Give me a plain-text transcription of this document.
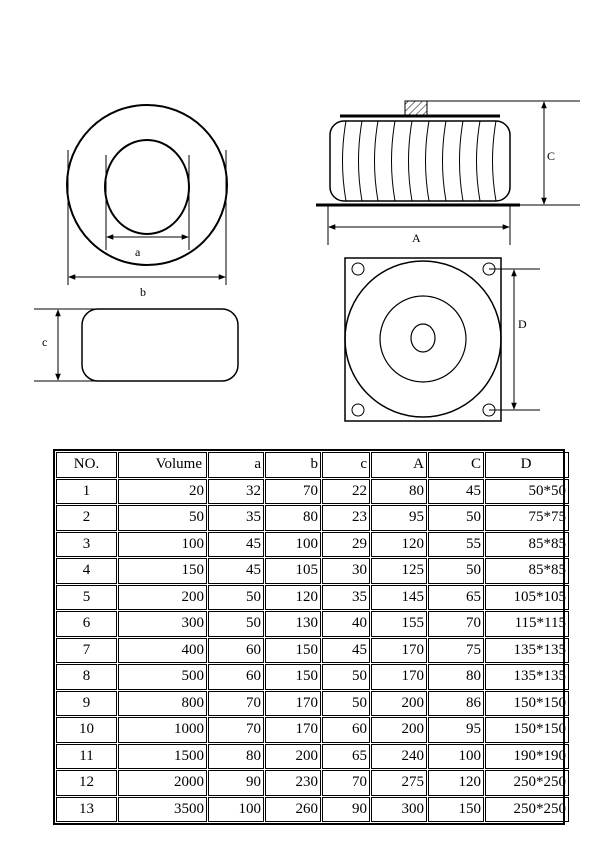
a
b
c
C
A
D
NO.	Volume	a	b	c	A	C	D
1	20	32	70	22	80	45	50*50
2	50	35	80	23	95	50	75*75
3	100	45	100	29	120	55	85*85
4	150	45	105	30	125	50	85*85
5	200	50	120	35	145	65	105*105
6	300	50	130	40	155	70	115*115
7	400	60	150	45	170	75	135*135
8	500	60	150	50	170	80	135*135
9	800	70	170	50	200	86	150*150
10	1000	70	170	60	200	95	150*150
11	1500	80	200	65	240	100	190*190
12	2000	90	230	70	275	120	250*250
13	3500	100	260	90	300	150	250*250
